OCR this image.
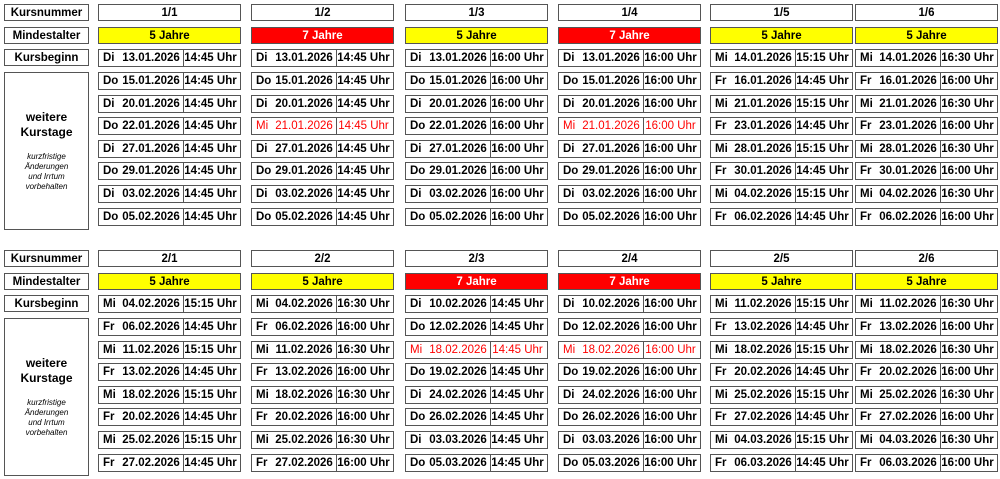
Kursnummer
Mindestalter
Kursbeginn
weitere
Kurstage
kurzfristige
Änderungen
und Irrtum
vorbehalten
1/1
5 Jahre
Di 13.01.2026 14:45 Uhr
Do 15.01.2026 14:45 Uhr
Di 20.01.2026 14:45 Uhr
Do 22.01.2026 14:45 Uhr
Di 27.01.2026 14:45 Uhr
Do 29.01.2026 14:45 Uhr
Di 03.02.2026 14:45 Uhr
Do 05.02.2026 14:45 Uhr
1/2
7 Jahre
Di 13.01.2026 14:45 Uhr
Do 15.01.2026 14:45 Uhr
Di 20.01.2026 14:45 Uhr
Mi 21.01.2026 14:45 Uhr
Di 27.01.2026 14:45 Uhr
Do 29.01.2026 14:45 Uhr
Di 03.02.2026 14:45 Uhr
Do 05.02.2026 14:45 Uhr
1/3
5 Jahre
Di 13.01.2026 16:00 Uhr
Do 15.01.2026 16:00 Uhr
Di 20.01.2026 16:00 Uhr
Do 22.01.2026 16:00 Uhr
Di 27.01.2026 16:00 Uhr
Do 29.01.2026 16:00 Uhr
Di 03.02.2026 16:00 Uhr
Do 05.02.2026 16:00 Uhr
1/4
7 Jahre
Di 13.01.2026 16:00 Uhr
Do 15.01.2026 16:00 Uhr
Di 20.01.2026 16:00 Uhr
Mi 21.01.2026 16:00 Uhr
Di 27.01.2026 16:00 Uhr
Do 29.01.2026 16:00 Uhr
Di 03.02.2026 16:00 Uhr
Do 05.02.2026 16:00 Uhr
1/5
5 Jahre
Mi 14.01.2026 15:15 Uhr
Fr 16.01.2026 14:45 Uhr
Mi 21.01.2026 15:15 Uhr
Fr 23.01.2026 14:45 Uhr
Mi 28.01.2026 15:15 Uhr
Fr 30.01.2026 14:45 Uhr
Mi 04.02.2026 15:15 Uhr
Fr 06.02.2026 14:45 Uhr
1/6
5 Jahre
Mi 14.01.2026 16:30 Uhr
Fr 16.01.2026 16:00 Uhr
Mi 21.01.2026 16:30 Uhr
Fr 23.01.2026 16:00 Uhr
Mi 28.01.2026 16:30 Uhr
Fr 30.01.2026 16:00 Uhr
Mi 04.02.2026 16:30 Uhr
Fr 06.02.2026 16:00 Uhr
Kursnummer
Mindestalter
Kursbeginn
weitere
Kurstage
kurzfristige
Änderungen
und Irrtum
vorbehalten
2/1
5 Jahre
Mi 04.02.2026 15:15 Uhr
Fr 06.02.2026 14:45 Uhr
Mi 11.02.2026 15:15 Uhr
Fr 13.02.2026 14:45 Uhr
Mi 18.02.2026 15:15 Uhr
Fr 20.02.2026 14:45 Uhr
Mi 25.02.2026 15:15 Uhr
Fr 27.02.2026 14:45 Uhr
2/2
5 Jahre
Mi 04.02.2026 16:30 Uhr
Fr 06.02.2026 16:00 Uhr
Mi 11.02.2026 16:30 Uhr
Fr 13.02.2026 16:00 Uhr
Mi 18.02.2026 16:30 Uhr
Fr 20.02.2026 16:00 Uhr
Mi 25.02.2026 16:30 Uhr
Fr 27.02.2026 16:00 Uhr
2/3
7 Jahre
Di 10.02.2026 14:45 Uhr
Do 12.02.2026 14:45 Uhr
Mi 18.02.2026 14:45 Uhr
Do 19.02.2026 14:45 Uhr
Di 24.02.2026 14:45 Uhr
Do 26.02.2026 14:45 Uhr
Di 03.03.2026 14:45 Uhr
Do 05.03.2026 14:45 Uhr
2/4
7 Jahre
Di 10.02.2026 16:00 Uhr
Do 12.02.2026 16:00 Uhr
Mi 18.02.2026 16:00 Uhr
Do 19.02.2026 16:00 Uhr
Di 24.02.2026 16:00 Uhr
Do 26.02.2026 16:00 Uhr
Di 03.03.2026 16:00 Uhr
Do 05.03.2026 16:00 Uhr
2/5
5 Jahre
Mi 11.02.2026 15:15 Uhr
Fr 13.02.2026 14:45 Uhr
Mi 18.02.2026 15:15 Uhr
Fr 20.02.2026 14:45 Uhr
Mi 25.02.2026 15:15 Uhr
Fr 27.02.2026 14:45 Uhr
Mi 04.03.2026 15:15 Uhr
Fr 06.03.2026 14:45 Uhr
2/6
5 Jahre
Mi 11.02.2026 16:30 Uhr
Fr 13.02.2026 16:00 Uhr
Mi 18.02.2026 16:30 Uhr
Fr 20.02.2026 16:00 Uhr
Mi 25.02.2026 16:30 Uhr
Fr 27.02.2026 16:00 Uhr
Mi 04.03.2026 16:30 Uhr
Fr 06.03.2026 16:00 Uhr
